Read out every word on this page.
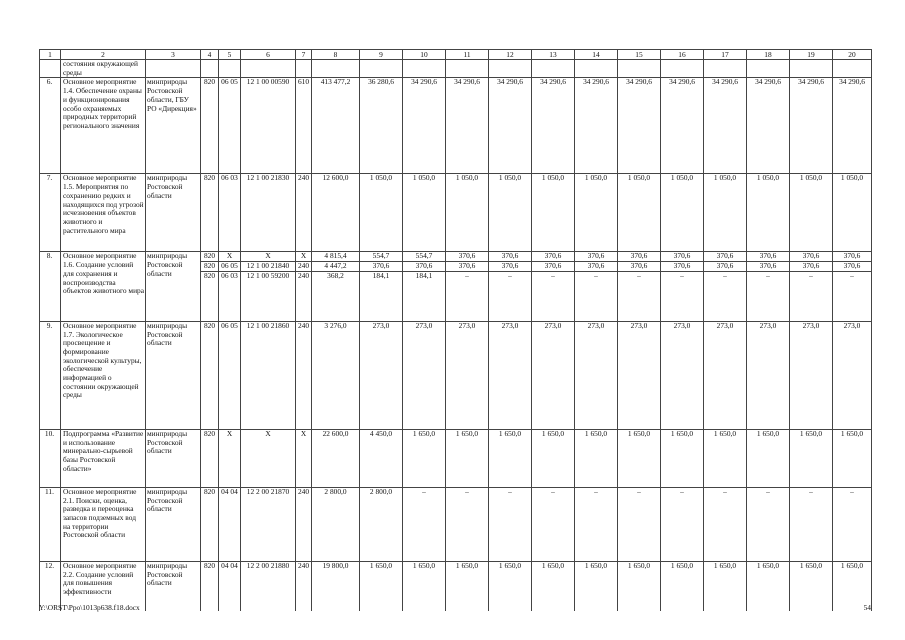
1	2	3	4	5	6	7	8	9	10	11	12	13	14	15	16	17	18	19	20
	состояния окружающей среды																		
6.	Основное мероприятие 1.4. Обеспечение охраны и функционирования особо охраняемых природных территорий регионального значения	минприроды Ростовской области, ГБУ РО «Дирекция»	820	06 05	12 1 00 00590	610	413 477,2	36 280,6	34 290,6	34 290,6	34 290,6	34 290,6	34 290,6	34 290,6	34 290,6	34 290,6	34 290,6	34 290,6	34 290,6
7.	Основное мероприятие 1.5. Мероприятия по сохранению редких и находящихся под угрозой исчезновения объектов животного и растительного мира	минприроды Ростовской области	820	06 03	12 1 00 21830	240	12 600,0	1 050,0	1 050,0	1 050,0	1 050,0	1 050,0	1 050,0	1 050,0	1 050,0	1 050,0	1 050,0	1 050,0	1 050,0
8.	Основное мероприятие 1.6. Создание условий для сохранения и воспроизводства объектов животного мира	минприроды Ростовской области	820	Х	Х	Х	4 815,4	554,7	554,7	370,6	370,6	370,6	370,6	370,6	370,6	370,6	370,6	370,6	370,6
			820	06 05	12 1 00 21840	240	4 447,2	370,6	370,6	370,6	370,6	370,6	370,6	370,6	370,6	370,6	370,6	370,6	370,6
			820	06 03	12 1 00 59200	240	368,2	184,1	184,1	–	–	–	–	–	–	–	–	–	–
9.	Основное мероприятие 1.7. Экологическое просвещение и формирование экологической культуры, обеспечение информацией о состоянии окружающей среды	минприроды Ростовской области	820	06 05	12 1 00 21860	240	3 276,0	273,0	273,0	273,0	273,0	273,0	273,0	273,0	273,0	273,0	273,0	273,0	273,0
10.	Подпрограмма «Развитие и использование минерально-сырьевой базы Ростовской области»	минприроды Ростовской области	820	Х	Х	Х	22 600,0	4 450,0	1 650,0	1 650,0	1 650,0	1 650,0	1 650,0	1 650,0	1 650,0	1 650,0	1 650,0	1 650,0	1 650,0
11.	Основное мероприятие 2.1. Поиски, оценка, разведка и переоценка запасов подземных вод на территории Ростовской области	минприроды Ростовской области	820	04 04	12 2 00 21870	240	2 800,0	2 800,0	–	–	–	–	–	–	–	–	–	–	–
12.	Основное мероприятие 2.2. Создание условий для повышения эффективности	минприроды Ростовской области	820	04 04	12 2 00 21880	240	19 800,0	1 650,0	1 650,0	1 650,0	1 650,0	1 650,0	1 650,0	1 650,0	1 650,0	1 650,0	1 650,0	1 650,0	1 650,0
Y:\ORST\Ppo\1013p638.f18.docx	54
